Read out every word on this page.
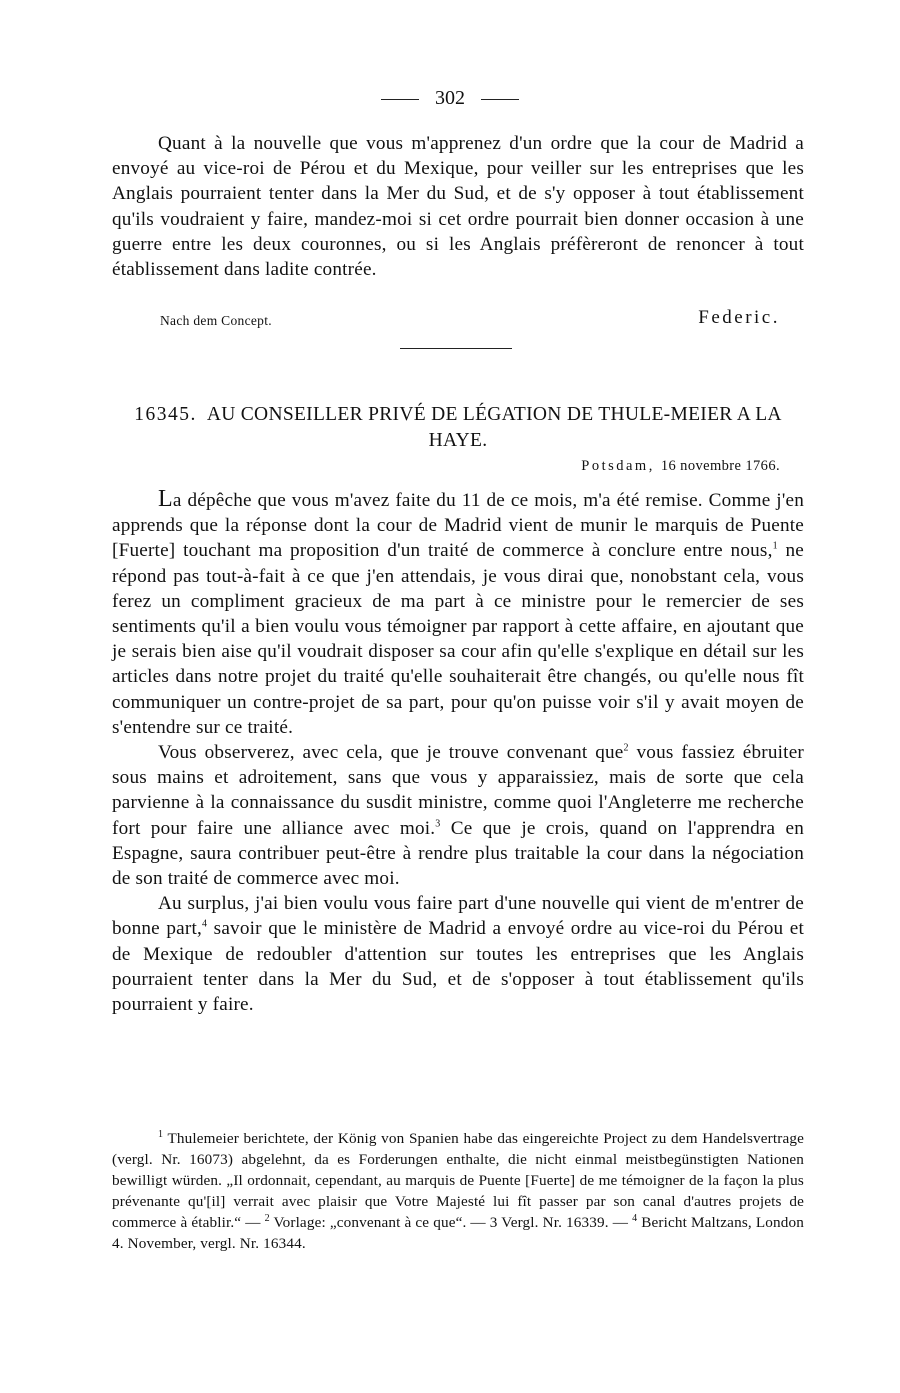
302
Quant à la nouvelle que vous m'apprenez d'un ordre que la cour de Madrid a envoyé au vice-roi de Pérou et du Mexique, pour veiller sur les entreprises que les Anglais pourraient tenter dans la Mer du Sud, et de s'y opposer à tout établissement qu'ils voudraient y faire, mandez-moi si cet ordre pourrait bien donner occasion à une guerre entre les deux couronnes, ou si les Anglais préfèreront de renoncer à tout établissement dans ladite contrée.
Nach dem Concept.	Federic.
16345. AU CONSEILLER PRIVÉ DE LÉGATION DE THULE-MEIER A LA HAYE.
Potsdam, 16 novembre 1766.

La dépêche que vous m'avez faite du 11 de ce mois, m'a été remise. Comme j'en apprends que la réponse dont la cour de Madrid vient de munir le marquis de Puente [Fuerte] touchant ma proposition d'un traité de commerce à conclure entre nous,$^1$ ne répond pas tout-à-fait à ce que j'en attendais, je vous dirai que, nonobstant cela, vous ferez un compliment gracieux de ma part à ce ministre pour le remercier de ses sentiments qu'il a bien voulu vous témoigner par rapport à cette affaire, en ajoutant que je serais bien aise qu'il voudrait disposer sa cour afin qu'elle s'explique en détail sur les articles dans notre projet du traité qu'elle souhaiterait être changés, ou qu'elle nous fît communiquer un contre-projet de sa part, pour qu'on puisse voir s'il y avait moyen de s'entendre sur ce traité.

Vous observerez, avec cela, que je trouve convenant que$^2$ vous fassiez ébruiter sous mains et adroitement, sans que vous y apparaissiez, mais de sorte que cela parvienne à la connaissance du susdit ministre, comme quoi l'Angleterre me recherche fort pour faire une alliance avec moi.$^3$ Ce que je crois, quand on l'apprendra en Espagne, saura contribuer peut-être à rendre plus traitable la cour dans la négociation de son traité de commerce avec moi.

Au surplus, j'ai bien voulu vous faire part d'une nouvelle qui vient de m'entrer de bonne part,$^4$ savoir que le ministère de Madrid a envoyé ordre au vice-roi du Pérou et de Mexique de redoubler d'attention sur toutes les entreprises que les Anglais pourraient tenter dans la Mer du Sud, et de s'opposer à tout établissement qu'ils pourraient y faire.

$^1$ Thulemeier berichtete, der König von Spanien habe das eingereichte Project zu dem Handelsvertrage (vergl. Nr. 16073) abgelehnt, da es Forderungen enthalte, die nicht einmal meistbegünstigten Nationen bewilligt würden. „Il ordonnait, cependant, au marquis de Puente [Fuerte] de me témoigner de la façon la plus prévenante qu'[il] verrait avec plaisir que Votre Majesté lui fît passer par son canal d'autres projets de commerce à établir.“ — $^2$ Vorlage: „convenant à ce que“. — 3 Vergl. Nr. 16339. — $^4$ Bericht Maltzans, London 4. November, vergl. Nr. 16344.
